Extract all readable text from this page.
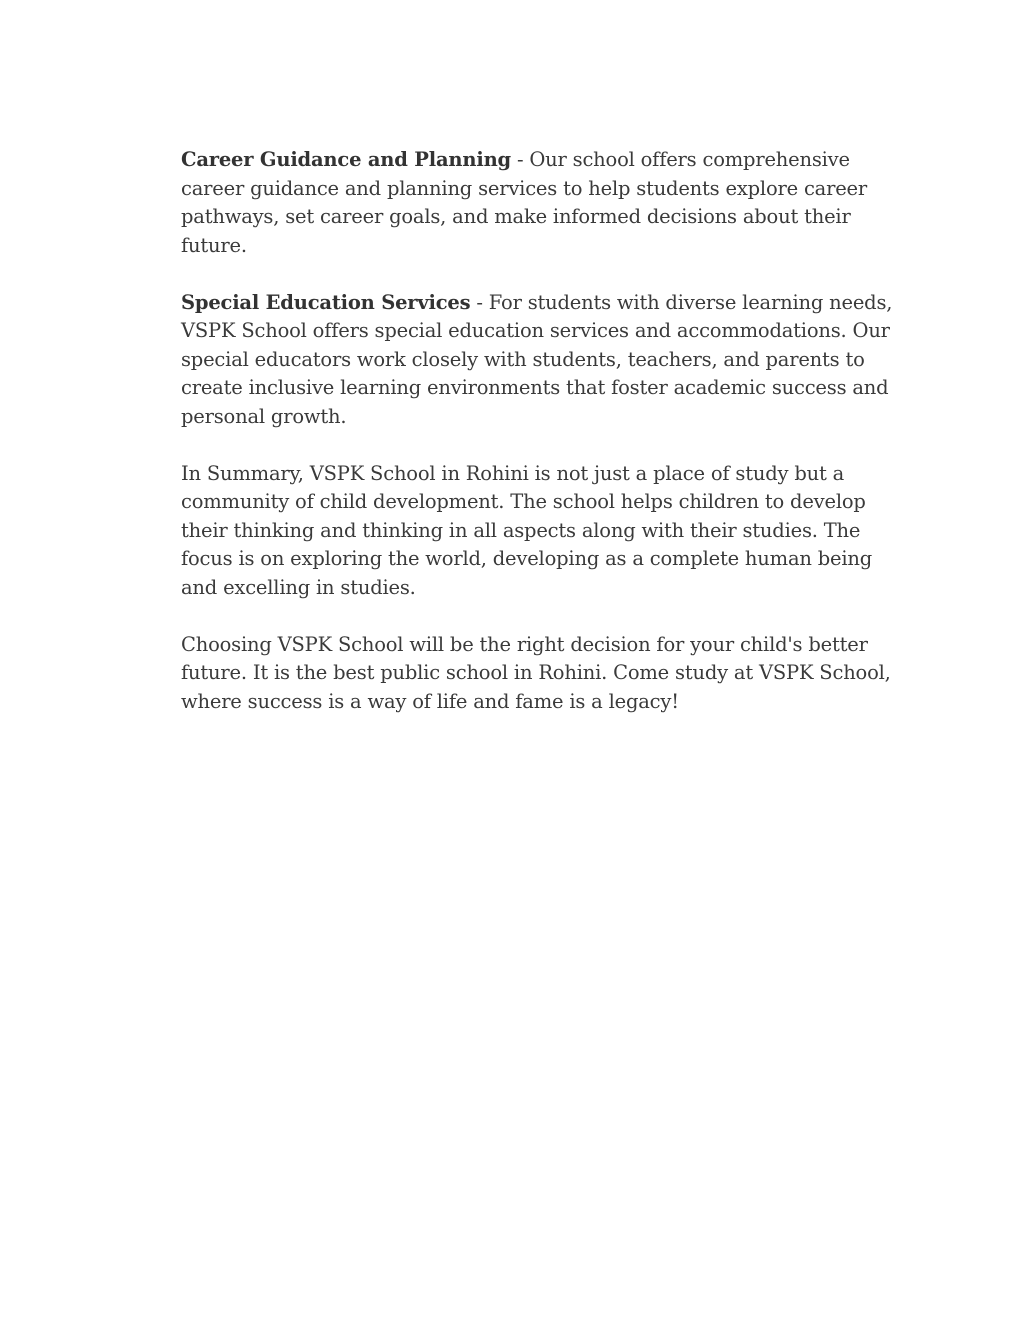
Career Guidance and Planning - Our school offers comprehensive career guidance and planning services to help students explore career pathways, set career goals, and make informed decisions about their future.

Special Education Services - For students with diverse learning needs, VSPK School offers special education services and accommodations. Our special educators work closely with students, teachers, and parents to create inclusive learning environments that foster academic success and personal growth.

In Summary, VSPK School in Rohini is not just a place of study but a community of child development. The school helps children to develop their thinking and thinking in all aspects along with their studies. The focus is on exploring the world, developing as a complete human being and excelling in studies.

Choosing VSPK School will be the right decision for your child's better future. It is the best public school in Rohini. Come study at VSPK School, where success is a way of life and fame is a legacy!
